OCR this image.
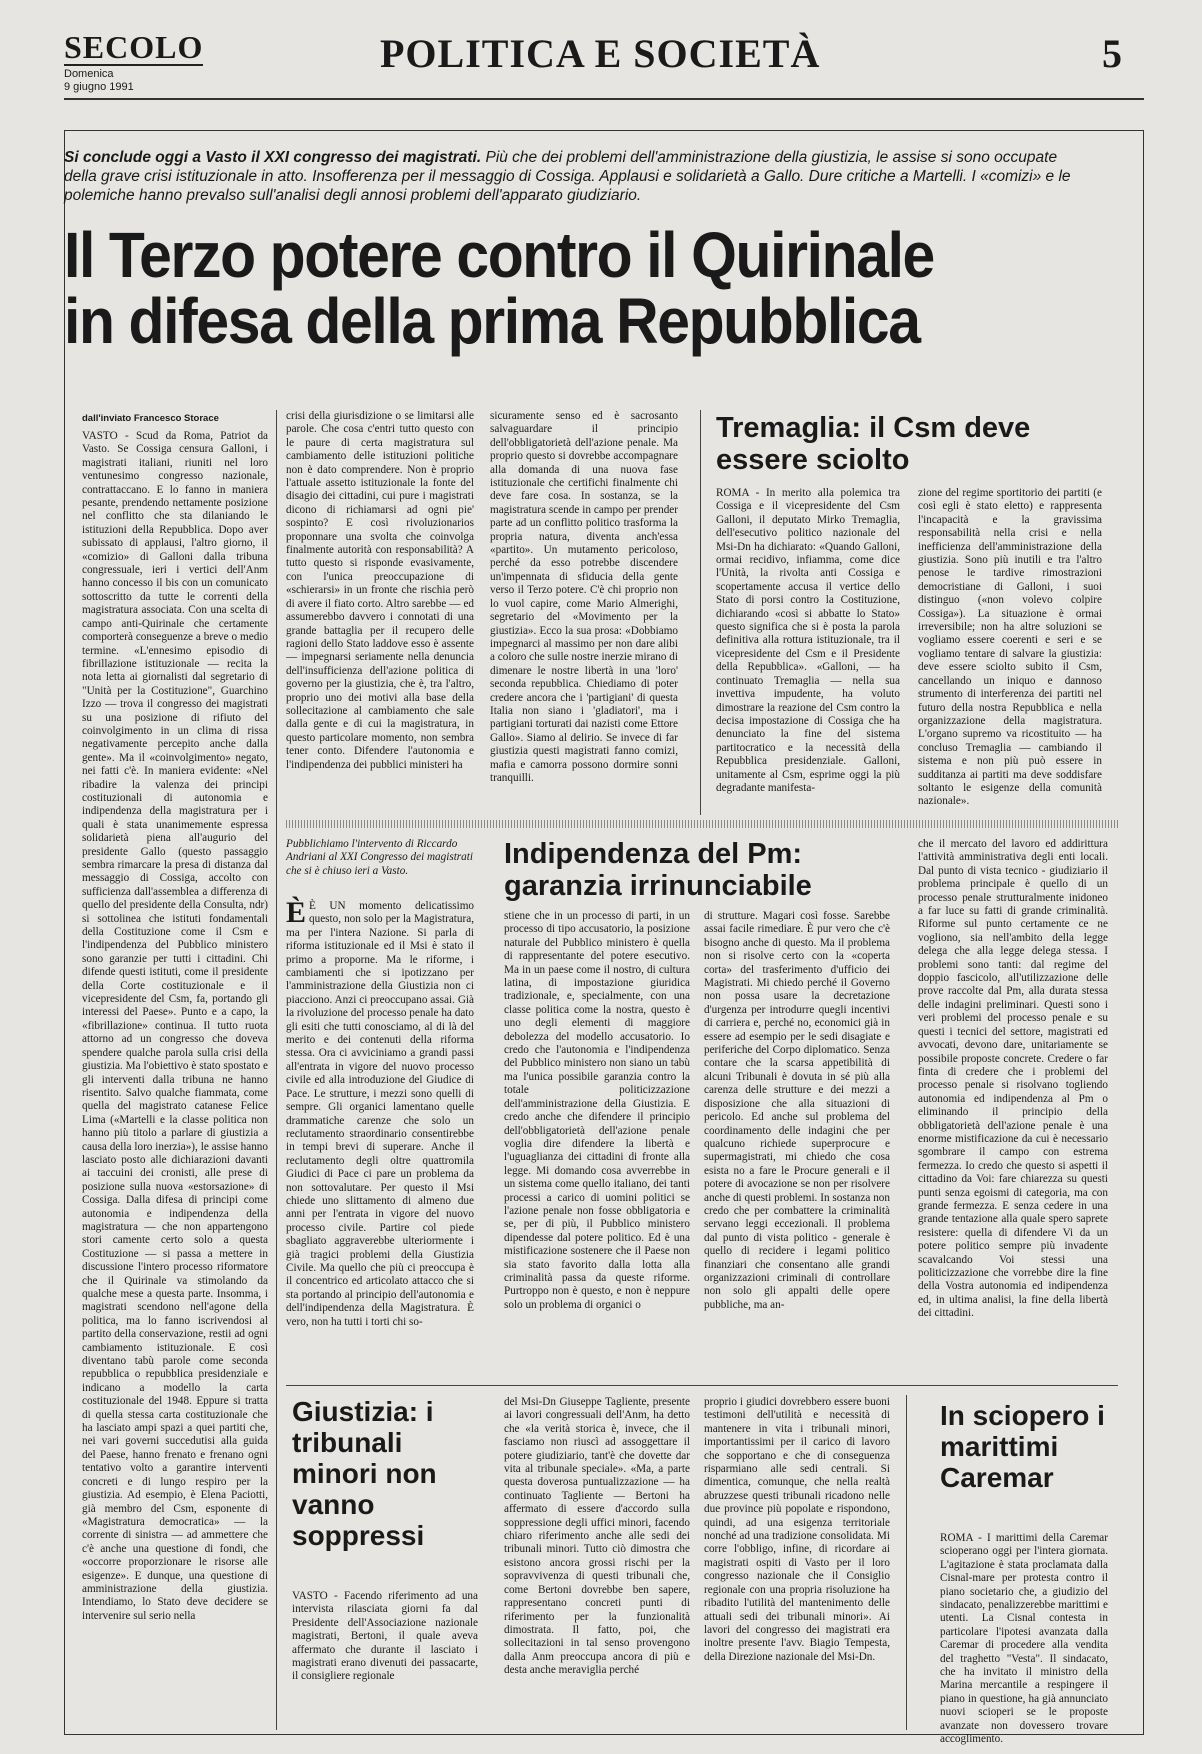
SECOLO
Domenica
9 giugno 1991
POLITICA E SOCIETÀ	5
Si conclude oggi a Vasto il XXI congresso dei magistrati. Più che dei problemi dell'amministrazione della giustizia, le assise si sono occupate della grave crisi istituzionale in atto. Insofferenza per il messaggio di Cossiga. Applausi e solidarietà a Gallo. Dure critiche a Martelli. I «comizi» e le polemiche hanno prevalso sull'analisi degli annosi problemi dell'apparato giudiziario.
Il Terzo potere contro il Quirinale
in difesa della prima Repubblica
dall'inviato Francesco Storace
VASTO - Scud da Roma, Patriot da Vasto. Se Cossiga censura Galloni, i magistrati italiani, riuniti nel loro ventunesimo congresso nazionale, contrattaccano. E lo fanno in maniera pesante, prendendo nettamente posizione nel conflitto che sta dilaniando le istituzioni della Repubblica. Dopo aver subissato di applausi, l'altro giorno, il «comizio» di Galloni dalla tribuna congressuale, ieri i vertici dell'Anm hanno concesso il bis con un comunicato sottoscritto da tutte le correnti della magistratura associata. Con una scelta di campo anti-Quirinale che certamente comporterà conseguenze a breve o medio termine. «L'ennesimo episodio di fibrillazione istituzionale — recita la nota letta ai giornalisti dal segretario di "Unità per la Costituzione", Guarchino Izzo — trova il congresso dei magistrati su una posizione di rifiuto del coinvolgimento in un clima di rissa negativamente percepito anche dalla gente». Ma il «coinvolgimento» negato, nei fatti c'è. In maniera evidente: «Nel ribadire la valenza dei principi costituzionali di autonomia e indipendenza della magistratura per i quali è stata unanimemente espressa solidarietà piena all'augurio del presidente Gallo (questo passaggio sembra rimarcare la presa di distanza dal messaggio di Cossiga, accolto con sufficienza dall'assemblea a differenza di quello del presidente della Consulta, ndr) si sottolinea che istituti fondamentali della Costituzione come il Csm e l'indipendenza del Pubblico ministero sono garanzie per tutti i cittadini. Chi difende questi istituti, come il presidente della Corte costituzionale e il vicepresidente del Csm, fa, portando gli interessi del Paese». Punto e a capo, la «fibrillazione» continua. Il tutto ruota attorno ad un congresso che doveva spendere qualche parola sulla crisi della giustizia. Ma l'obiettivo è stato spostato e gli interventi dalla tribuna ne hanno risentito. Salvo qualche fiammata, come quella del magistrato catanese Felice Lima («Martelli e la classe politica non hanno più titolo a parlare di giustizia a causa della loro inerzia»), le assise hanno lasciato posto alle dichiarazioni davanti ai taccuini dei cronisti, alle prese di posizione sulla nuova «estorsazione» di Cossiga. Dalla difesa di principi come autonomia e indipendenza della magistratura — che non appartengono stori camente certo solo a questa Costituzione — si passa a mettere in discussione l'intero processo riformatore che il Quirinale va stimolando da qualche mese a questa parte. Insomma, i magistrati scendono nell'agone della politica, ma lo fanno iscrivendosi al partito della conservazione, restii ad ogni cambiamento istituzionale. E così diventano tabù parole come seconda repubblica o repubblica presidenziale e indicano a modello la carta costituzionale del 1948. Eppure si tratta di quella stessa carta costituzionale che ha lasciato ampi spazi a quei partiti che, nei vari governi succedutisi alla guida del Paese, hanno frenato e frenano ogni tentativo volto a garantire interventi concreti e di lungo respiro per la giustizia. Ad esempio, è Elena Paciotti, già membro del Csm, esponente di «Magistratura democratica» — la corrente di sinistra — ad ammettere che c'è anche una questione di fondi, che «occorre proporzionare le risorse alle esigenze». E dunque, una questione di amministrazione della giustizia. Intendiamo, lo Stato deve decidere se intervenire sul serio nella
crisi della giurisdizione o se limitarsi alle parole. Che cosa c'entri tutto questo con le paure di certa magistratura sul cambiamento delle istituzioni politiche non è dato comprendere. Non è proprio l'attuale assetto istituzionale la fonte del disagio dei cittadini, cui pure i magistrati dicono di richiamarsi ad ogni pie' sospinto? E così rivoluzionarios proponnare una svolta che coinvolga finalmente autorità con responsabilità? A tutto questo si risponde evasivamente, con l'unica preoccupazione di «schierarsi» in un fronte che rischia però di avere il fiato corto. Altro sarebbe — ed assumerebbo davvero i connotati di una grande battaglia per il recupero delle ragioni dello Stato laddove esso è assente — impegnarsi seriamente nella denuncia dell'insufficienza dell'azione politica di governo per la giustizia, che è, tra l'altro, proprio uno dei motivi alla base della sollecitazione al cambiamento che sale dalla gente e di cui la magistratura, in questo particolare momento, non sembra tener conto. Difendere l'autonomia e l'indipendenza dei pubblici ministeri ha
sicuramente senso ed è sacrosanto salvaguardare il principio dell'obbligatorietà dell'azione penale. Ma proprio questo si dovrebbe accompagnare alla domanda di una nuova fase istituzionale che certifichi finalmente chi deve fare cosa. In sostanza, se la magistratura scende in campo per prender parte ad un conflitto politico trasforma la propria natura, diventa anch'essa «partito». Un mutamento pericoloso, perché da esso potrebbe discendere un'impennata di sfiducia della gente verso il Terzo potere. C'è chi proprio non lo vuol capire, come Mario Almerighi, segretario del «Movimento per la giustizia». Ecco la sua prosa: «Dobbiamo impegnarci al massimo per non dare alibi a coloro che sulle nostre inerzie mirano di dimenare le nostre libertà in una 'loro' seconda repubblica. Chiediamo di poter credere ancora che i 'partigiani' di questa Italia non siano i 'gladiatori', ma i partigiani torturati dai nazisti come Ettore Gallo». Siamo al delirio. Se invece di far giustizia questi magistrati fanno comizi, mafia e camorra possono dormire sonni tranquilli.
Tremaglia: il Csm deve essere sciolto
ROMA - In merito alla polemica tra Cossiga e il vicepresidente del Csm Galloni, il deputato Mirko Tremaglia, dell'esecutivo politico nazionale del Msi-Dn ha dichiarato: «Quando Galloni, ormai recidivo, infiamma, come dice l'Unità, la rivolta anti Cossiga e scopertamente accusa il vertice dello Stato di porsi contro la Costituzione, dichiarando «così si abbatte lo Stato» questo significa che si è posta la parola definitiva alla rottura istituzionale, tra il vicepresidente del Csm e il Presidente della Repubblica». «Galloni, — ha continuato Tremaglia — nella sua invettiva impudente, ha voluto dimostrare la reazione del Csm contro la decisa impostazione di Cossiga che ha denunciato la fine del sistema partitocratico e la necessità della Repubblica presidenziale. Galloni, unitamente al Csm, esprime oggi la più degradante manifesta-
zione del regime sportitorio dei partiti (e così egli è stato eletto) e rappresenta l'incapacità e la gravissima responsabilità nella crisi e nella inefficienza dell'amministrazione della giustizia. Sono più inutili e tra l'altro penose le tardive rimostrazioni democristiane di Galloni, i suoi distinguo («non volevo colpire Cossiga»). La situazione è ormai irreversibile; non ha altre soluzioni se vogliamo essere coerenti e seri e se vogliamo tentare di salvare la giustizia: deve essere sciolto subito il Csm, cancellando un iniquo e dannoso strumento di interferenza dei partiti nel futuro della nostra Repubblica e nella organizzazione della magistratura. L'organo supremo va ricostituito — ha concluso Tremaglia — cambiando il sistema e non più può essere in sudditanza ai partiti ma deve soddisfare soltanto le esigenze della comunità nazionale».
Pubblichiamo l'intervento di Riccardo Andriani al XXI Congresso dei magistrati che si è chiuso ieri a Vasto.
È È UN momento delicatissimo questo, non solo per la Magistratura, ma per l'intera Nazione. Si parla di riforma istituzionale ed il Msi è stato il primo a proporne. Ma le riforme, i cambiamenti che si ipotizzano per l'amministrazione della Giustizia non ci piacciono. Anzi ci preoccupano assai. Già la rivoluzione del processo penale ha dato gli esiti che tutti conosciamo, al di là del merito e dei contenuti della riforma stessa. Ora ci avviciniamo a grandi passi all'entrata in vigore del nuovo processo civile ed alla introduzione del Giudice di Pace. Le strutture, i mezzi sono quelli di sempre. Gli organici lamentano quelle drammatiche carenze che solo un reclutamento straordinario consentirebbe in tempi brevi di superare. Anche il reclutamento degli oltre quattromila Giudici di Pace ci pare un problema da non sottovalutare. Per questo il Msi chiede uno slittamento di almeno due anni per l'entrata in vigore del nuovo processo civile. Partire col piede sbagliato aggraverebbe ulteriormente i già tragici problemi della Giustizia Civile. Ma quello che più ci preoccupa è il concentrico ed articolato attacco che si sta portando al principio dell'autonomia e dell'indipendenza della Magistratura. È vero, non ha tutti i torti chi so-
Indipendenza del Pm: garanzia irrinunciabile
stiene che in un processo di parti, in un processo di tipo accusatorio, la posizione naturale del Pubblico ministero è quella di rappresentante del potere esecutivo. Ma in un paese come il nostro, di cultura latina, di impostazione giuridica tradizionale, e, specialmente, con una classe politica come la nostra, questo è uno degli elementi di maggiore debolezza del modello accusatorio. Io credo che l'autonomia e l'indipendenza del Pubblico ministero non siano un tabù ma l'unica possibile garanzia contro la totale politicizzazione dell'amministrazione della Giustizia. E credo anche che difendere il principio dell'obbligatorietà dell'azione penale voglia dire difendere la libertà e l'uguaglianza dei cittadini di fronte alla legge. Mi domando cosa avverrebbe in un sistema come quello italiano, dei tanti processi a carico di uomini politici se l'azione penale non fosse obbligatoria e se, per di più, il Pubblico ministero dipendesse dal potere politico. Ed è una mistificazione sostenere che il Paese non sia stato favorito dalla lotta alla criminalità passa da queste riforme. Purtroppo non è questo, e non è neppure solo un problema di organici o
di strutture. Magari così fosse. Sarebbe assai facile rimediare. È pur vero che c'è bisogno anche di questo. Ma il problema non si risolve certo con la «coperta corta» del trasferimento d'ufficio dei Magistrati. Mi chiedo perché il Governo non possa usare la decretazione d'urgenza per introdurre quegli incentivi di carriera e, perché no, economici già in essere ad esempio per le sedi disagiate e periferiche del Corpo diplomatico. Senza contare che la scarsa appetibilità di alcuni Tribunali è dovuta in sé più alla carenza delle strutture e dei mezzi a disposizione che alla situazioni di pericolo. Ed anche sul problema del coordinamento delle indagini che per qualcuno richiede superprocure e supermagistrati, mi chiedo che cosa esista no a fare le Procure generali e il potere di avocazione se non per risolvere anche di questi problemi. In sostanza non credo che per combattere la criminalità servano leggi eccezionali. Il problema dal punto di vista politico - generale è quello di recidere i legami politico finanziari che consentano alle grandi organizzazioni criminali di controllare non solo gli appalti delle opere pubbliche, ma an-
che il mercato del lavoro ed addirittura l'attività amministrativa degli enti locali. Dal punto di vista tecnico - giudiziario il problema principale è quello di un processo penale strutturalmente inidoneo a far luce su fatti di grande criminalità. Riforme sul punto certamente ce ne vogliono, sia nell'ambito della legge delega che alla legge delega stessa. I problemi sono tanti: dal regime del doppio fascicolo, all'utilizzazione delle prove raccolte dal Pm, alla durata stessa delle indagini preliminari. Questi sono i veri problemi del processo penale e su questi i tecnici del settore, magistrati ed avvocati, devono dare, unitariamente se possibile proposte concrete. Credere o far finta di credere che i problemi del processo penale si risolvano togliendo autonomia ed indipendenza al Pm o eliminando il principio della obbligatorietà dell'azione penale è una enorme mistificazione da cui è necessario sgombrare il campo con estrema fermezza. Io credo che questo si aspetti il cittadino da Voi: fare chiarezza su questi punti senza egoismi di categoria, ma con grande fermezza. E senza cedere in una grande tentazione alla quale spero saprete resistere: quella di difendere Vi da un potere politico sempre più invadente scavalcando Voi stessi una politicizzazione che vorrebbe dire la fine della Vostra autonomia ed indipendenza ed, in ultima analisi, la fine della libertà dei cittadini.
Giustizia: i tribunali minori non vanno soppressi
VASTO - Facendo riferimento ad una intervista rilasciata giorni fa dal Presidente dell'Associazione nazionale magistrati, Bertoni, il quale aveva affermato che durante il lasciato i magistrati erano divenuti dei passacarte, il consigliere regionale
del Msi-Dn Giuseppe Tagliente, presente ai lavori congressuali dell'Anm, ha detto che «la verità storica è, invece, che il fasciamo non riuscì ad assoggettare il potere giudiziario, tant'è che dovette dar vita al tribunale speciale». «Ma, a parte questa doverosa puntualizzazione — ha continuato Tagliente — Bertoni ha affermato di essere d'accordo sulla soppressione degli uffici minori, facendo chiaro riferimento anche alle sedi dei tribunali minori. Tutto ciò dimostra che esistono ancora grossi rischi per la sopravvivenza di questi tribunali che, come Bertoni dovrebbe ben sapere, rappresentano concreti punti di riferimento per la funzionalità dimostrata. Il fatto, poi, che sollecitazioni in tal senso provengono dalla Anm preoccupa ancora di più e desta anche meraviglia perché
proprio i giudici dovrebbero essere buoni testimoni dell'utilità e necessità di mantenere in vita i tribunali minori, importantissimi per il carico di lavoro che sopportano e che di conseguenza risparmiano alle sedi centrali. Si dimentica, comunque, che nella realtà abruzzese questi tribunali ricadono nelle due province più popolate e rispondono, quindi, ad una esigenza territoriale nonché ad una tradizione consolidata. Mi corre l'obbligo, infine, di ricordare ai magistrati ospiti di Vasto per il loro congresso nazionale che il Consiglio regionale con una propria risoluzione ha ribadito l'utilità del mantenimento delle attuali sedi dei tribunali minori». Ai lavori del congresso dei magistrati era inoltre presente l'avv. Biagio Tempesta, della Direzione nazionale del Msi-Dn.
In sciopero i marittimi Caremar
ROMA - I marittimi della Caremar scioperano oggi per l'intera giornata. L'agitazione è stata proclamata dalla Cisnal-mare per protesta contro il piano societario che, a giudizio del sindacato, penalizzerebbe marittimi e utenti. La Cisnal contesta in particolare l'ipotesi avanzata dalla Caremar di procedere alla vendita del traghetto "Vesta". Il sindacato, che ha invitato il ministro della Marina mercantile a respingere il piano in questione, ha già annunciato nuovi scioperi se le proposte avanzate non dovessero trovare accoglimento.
